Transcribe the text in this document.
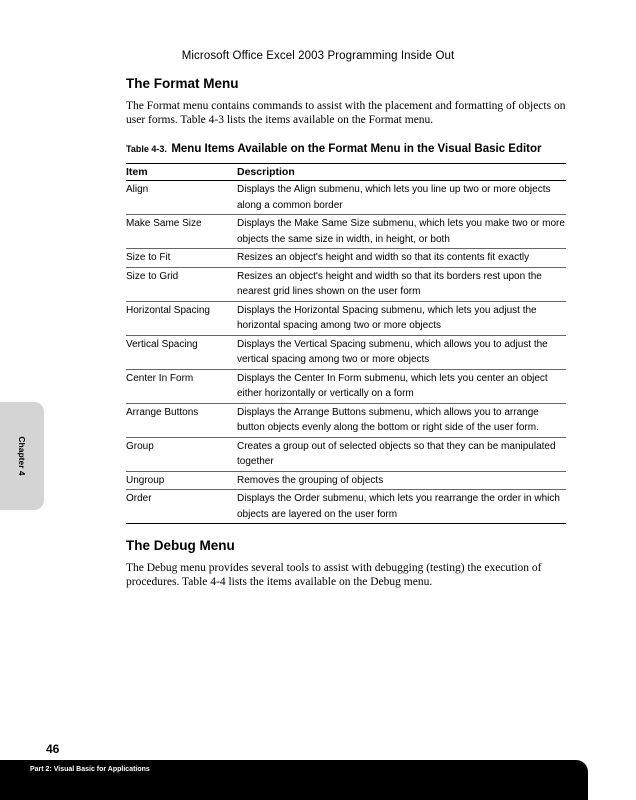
Microsoft Office Excel 2003 Programming Inside Out
The Format Menu

The Format menu contains commands to assist with the placement and formatting of objects on user forms. Table 4-3 lists the items available on the Format menu.

Table 4-3. Menu Items Available on the Format Menu in the Visual Basic Editor
Item	Description
Align	Displays the Align submenu, which lets you line up two or more objects along a common border
Make Same Size	Displays the Make Same Size submenu, which lets you make two or more objects the same size in width, in height, or both
Size to Fit	Resizes an object's height and width so that its contents fit exactly
Size to Grid	Resizes an object's height and width so that its borders rest upon the nearest grid lines shown on the user form
Horizontal Spacing	Displays the Horizontal Spacing submenu, which lets you adjust the horizontal spacing among two or more objects
Vertical Spacing	Displays the Vertical Spacing submenu, which allows you to adjust the vertical spacing among two or more objects
Center In Form	Displays the Center In Form submenu, which lets you center an object either horizontally or vertically on a form
Arrange Buttons	Displays the Arrange Buttons submenu, which allows you to arrange button objects evenly along the bottom or right side of the user form.
Group	Creates a group out of selected objects so that they can be manipulated together
Ungroup	Removes the grouping of objects
Order	Displays the Order submenu, which lets you rearrange the order in which objects are layered on the user form
The Debug Menu

The Debug menu provides several tools to assist with debugging (testing) the execution of procedures. Table 4-4 lists the items available on the Debug menu.

Chapter 4
46
Part 2: Visual Basic for Applications
